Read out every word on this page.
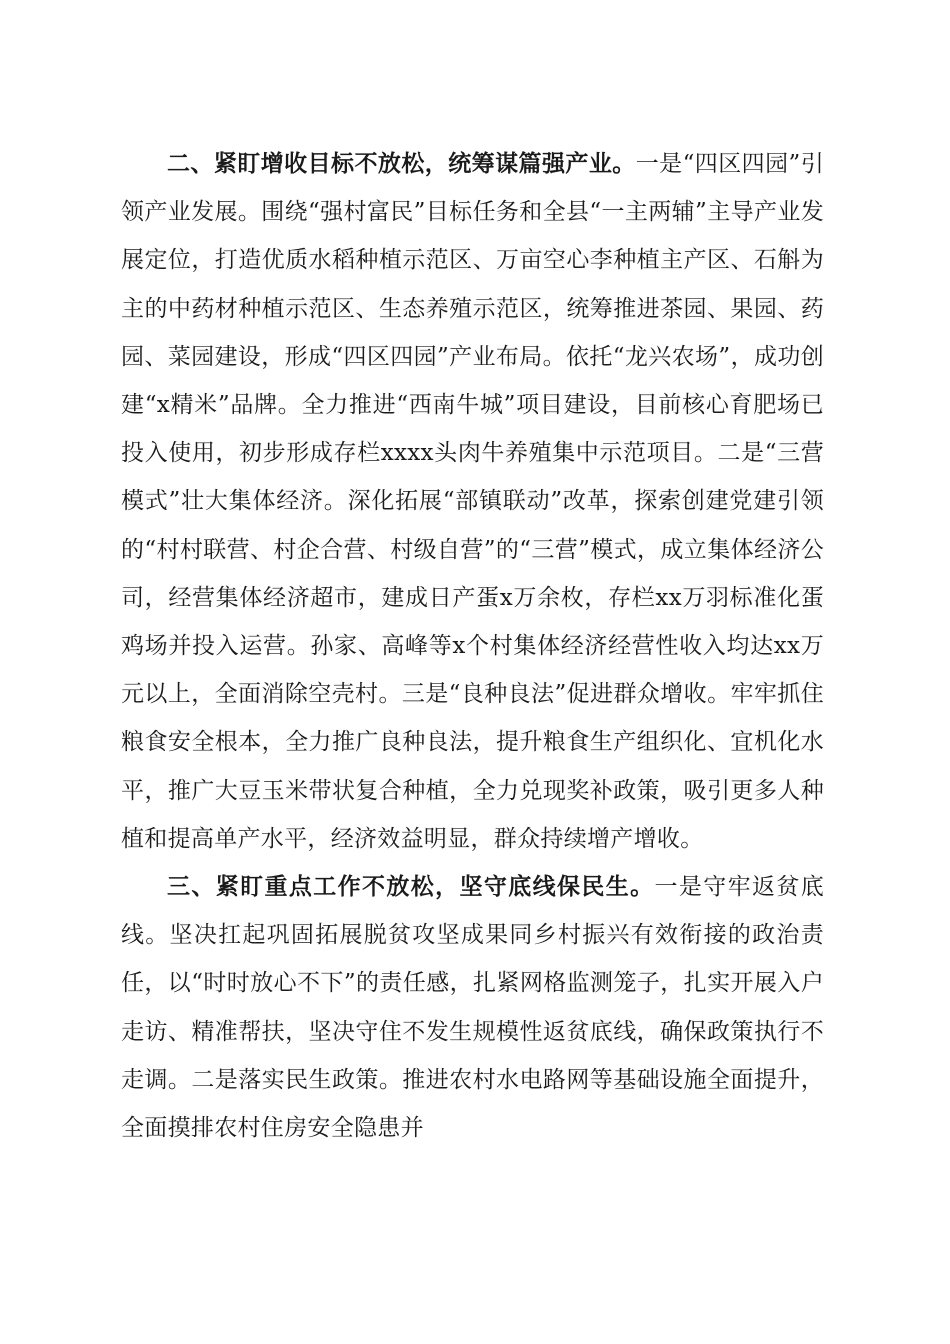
二、紧盯增收目标不放松，统筹谋篇强产业。一是“四区四园”引领产业发展。围绕“强村富民”目标任务和全县“一主两辅”主导产业发展定位，打造优质水稻种植示范区、万亩空心李种植主产区、石斛为主的中药材种植示范区、生态养殖示范区，统筹推进茶园、果园、药园、菜园建设，形成“四区四园”产业布局。依托“龙兴农场”，成功创建“x精米”品牌。全力推进“西南牛城”项目建设，目前核心育肥场已投入使用，初步形成存栏xxxx头肉牛养殖集中示范项目。二是“三营模式”壮大集体经济。深化拓展“部镇联动”改革，探索创建党建引领的“村村联营、村企合营、村级自营”的“三营”模式，成立集体经济公司，经营集体经济超市，建成日产蛋x万余枚，存栏xx万羽标准化蛋鸡场并投入运营。孙家、高峰等x个村集体经济经营性收入均达xx万元以上，全面消除空壳村。三是“良种良法”促进群众增收。牢牢抓住粮食安全根本，全力推广良种良法，提升粮食生产组织化、宜机化水平，推广大豆玉米带状复合种植，全力兑现奖补政策，吸引更多人种植和提高单产水平，经济效益明显，群众持续增产增收。

三、紧盯重点工作不放松，坚守底线保民生。一是守牢返贫底线。坚决扛起巩固拓展脱贫攻坚成果同乡村振兴有效衔接的政治责任，以“时时放心不下”的责任感，扎紧网格监测笼子，扎实开展入户走访、精准帮扶，坚决守住不发生规模性返贫底线，确保政策执行不走调。二是落实民生政策。推进农村水电路网等基础设施全面提升，全面摸排农村住房安全隐患并
